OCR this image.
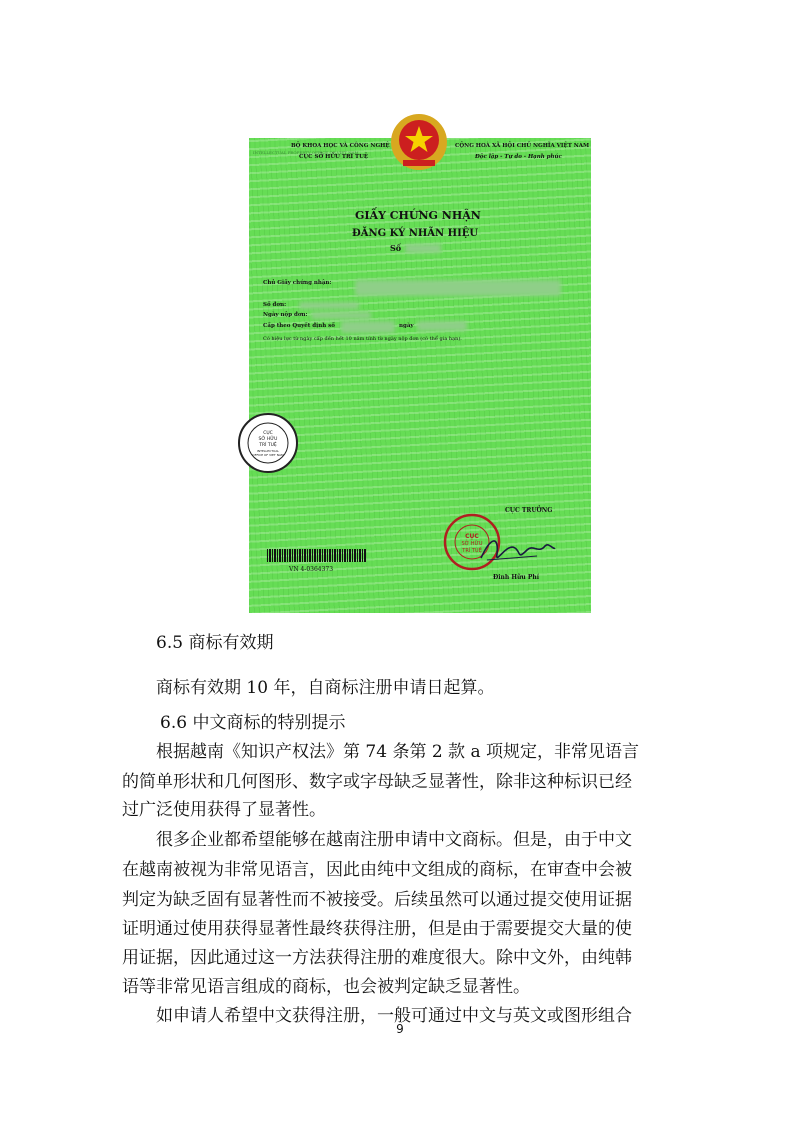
INTELLECTUAL PROPERTY OFFICE OF VIET NAM
BỘ KHOA HỌC VÀ CÔNG NGHỆ
CỤC SỞ HỮU TRÍ TUỆ
CỘNG HOÀ XÃ HỘI CHỦ NGHĨA VIỆT NAM
Độc lập - Tự do - Hạnh phúc
GIẤY CHỨNG NHẬN
ĐĂNG KÝ NHÃN HIỆU
Số
Chủ Giấy chứng nhận:
Số đơn:
Ngày nộp đơn:
Cấp theo Quyết định số	ngày
Có hiệu lực từ ngày cấp đến hết 10 năm tính từ ngày nộp đơn (có thể gia hạn).
CỤC
SỞ HỮU
TRÍ TUỆ
INTELLECTUAL
OFFICE OF VIET NAM
CỤC TRƯỞNG
CỤC
SỞ HỮU
TRÍ TUỆ
Đinh Hữu Phí
VN 4-0364373
6.5 商标有效期
商标有效期 10 年，自商标注册申请日起算。
6.6 中文商标的特别提示
根据越南《知识产权法》第 74 条第 2 款 a 项规定，非常见语言
的简单形状和几何图形、数字或字母缺乏显著性，除非这种标识已经
过广泛使用获得了显著性。
很多企业都希望能够在越南注册申请中文商标。但是，由于中文
在越南被视为非常见语言，因此由纯中文组成的商标，在审查中会被
判定为缺乏固有显著性而不被接受。后续虽然可以通过提交使用证据
证明通过使用获得显著性最终获得注册，但是由于需要提交大量的使
用证据，因此通过这一方法获得注册的难度很大。除中文外，由纯韩
语等非常见语言组成的商标，也会被判定缺乏显著性。
如申请人希望中文获得注册，一般可通过中文与英文或图形组合
9
